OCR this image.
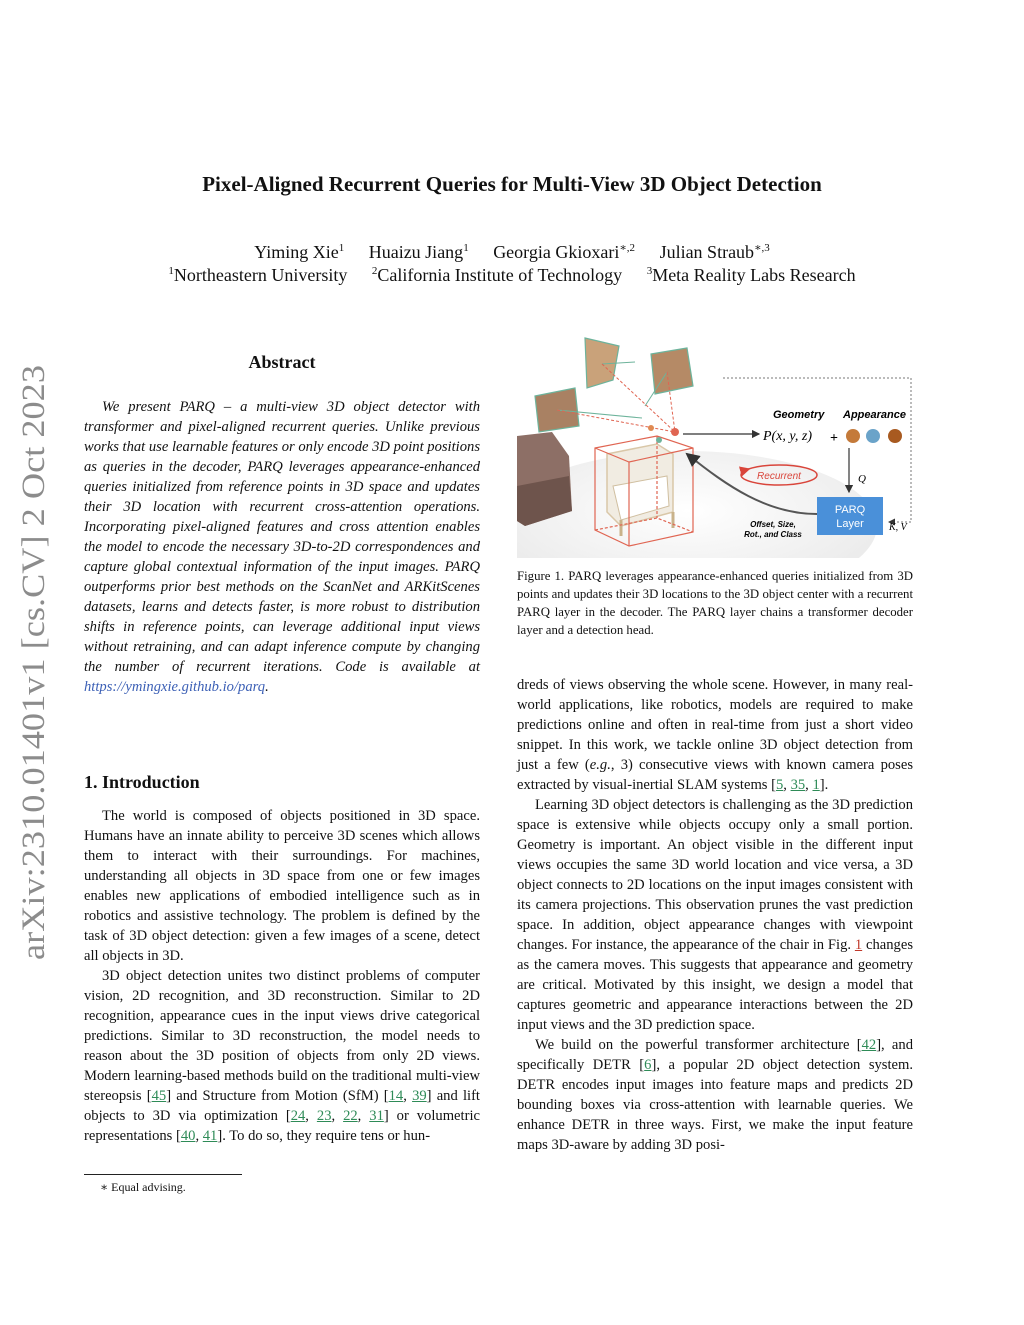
arXiv:2310.01401v1 [cs.CV] 2 Oct 2023
Pixel-Aligned Recurrent Queries for Multi-View 3D Object Detection
Yiming Xie$^1$ Huaizu Jiang$^1$ Georgia Gkioxari$^{∗,2}$ Julian Straub$^{∗,3}$
$^1$Northeastern University $^2$California Institute of Technology $^3$Meta Reality Labs Research
Abstract

We present PARQ – a multi-view 3D object detector with transformer and pixel-aligned recurrent queries. Unlike previous works that use learnable features or only encode 3D point positions as queries in the decoder, PARQ leverages appearance-enhanced queries initialized from reference points in 3D space and updates their 3D location with recurrent cross-attention operations. Incorporating pixel-aligned features and cross attention enables the model to encode the necessary 3D-to-2D correspondences and capture global contextual information of the input images. PARQ outperforms prior best methods on the ScanNet and ARKitScenes datasets, learns and detects faster, is more robust to distribution shifts in reference points, can leverage additional input views without retraining, and can adapt inference compute by changing the number of recurrent iterations. Code is available at https://ymingxie.github.io/parq.

1. Introduction

The world is composed of objects positioned in 3D space. Humans have an innate ability to perceive 3D scenes which allows them to interact with their surroundings. For machines, understanding all objects in 3D space from one or few images enables new applications of embodied intelligence such as in robotics and assistive technology. The problem is defined by the task of 3D object detection: given a few images of a scene, detect all objects in 3D.

3D object detection unites two distinct problems of computer vision, 2D recognition, and 3D reconstruction. Similar to 2D recognition, appearance cues in the input views drive categorical predictions. Similar to 3D reconstruction, the model needs to reason about the 3D position of objects from only 2D views. Modern learning-based methods build on the traditional multi-view stereopsis [45] and Structure from Motion (SfM) [14, 39] and lift objects to 3D via optimization [24, 23, 22, 31] or volumetric representations [40, 41]. To do so, they require tens or hun-

∗ Equal advising.
Geometry Appearance
P(x, y, z) +
Recurrent	Q
PARQ
Layer	K, V
Offset, Size,
Rot., and Class
Figure 1. PARQ leverages appearance-enhanced queries initialized from 3D points and updates their 3D locations to the 3D object center with a recurrent PARQ layer in the decoder. The PARQ layer chains a transformer decoder layer and a detection head.

dreds of views observing the whole scene. However, in many real-world applications, like robotics, models are required to make predictions online and often in real-time from just a short video snippet. In this work, we tackle online 3D object detection from just a few (e.g., 3) consecutive views with known camera poses extracted by visual-inertial SLAM systems [5, 35, 1].

Learning 3D object detectors is challenging as the 3D prediction space is extensive while objects occupy only a small portion. Geometry is important. An object visible in the different input views occupies the same 3D world location and vice versa, a 3D object connects to 2D locations on the input images consistent with its camera projections. This observation prunes the vast prediction space. In addition, object appearance changes with viewpoint changes. For instance, the appearance of the chair in Fig. 1 changes as the camera moves. This suggests that appearance and geometry are critical. Motivated by this insight, we design a model that captures geometric and appearance interactions between the 2D input views and the 3D prediction space.

We build on the powerful transformer architecture [42], and specifically DETR [6], a popular 2D object detection system. DETR encodes input images into feature maps and predicts 2D bounding boxes via cross-attention with learnable queries. We enhance DETR in three ways. First, we make the input feature maps 3D-aware by adding 3D posi-
